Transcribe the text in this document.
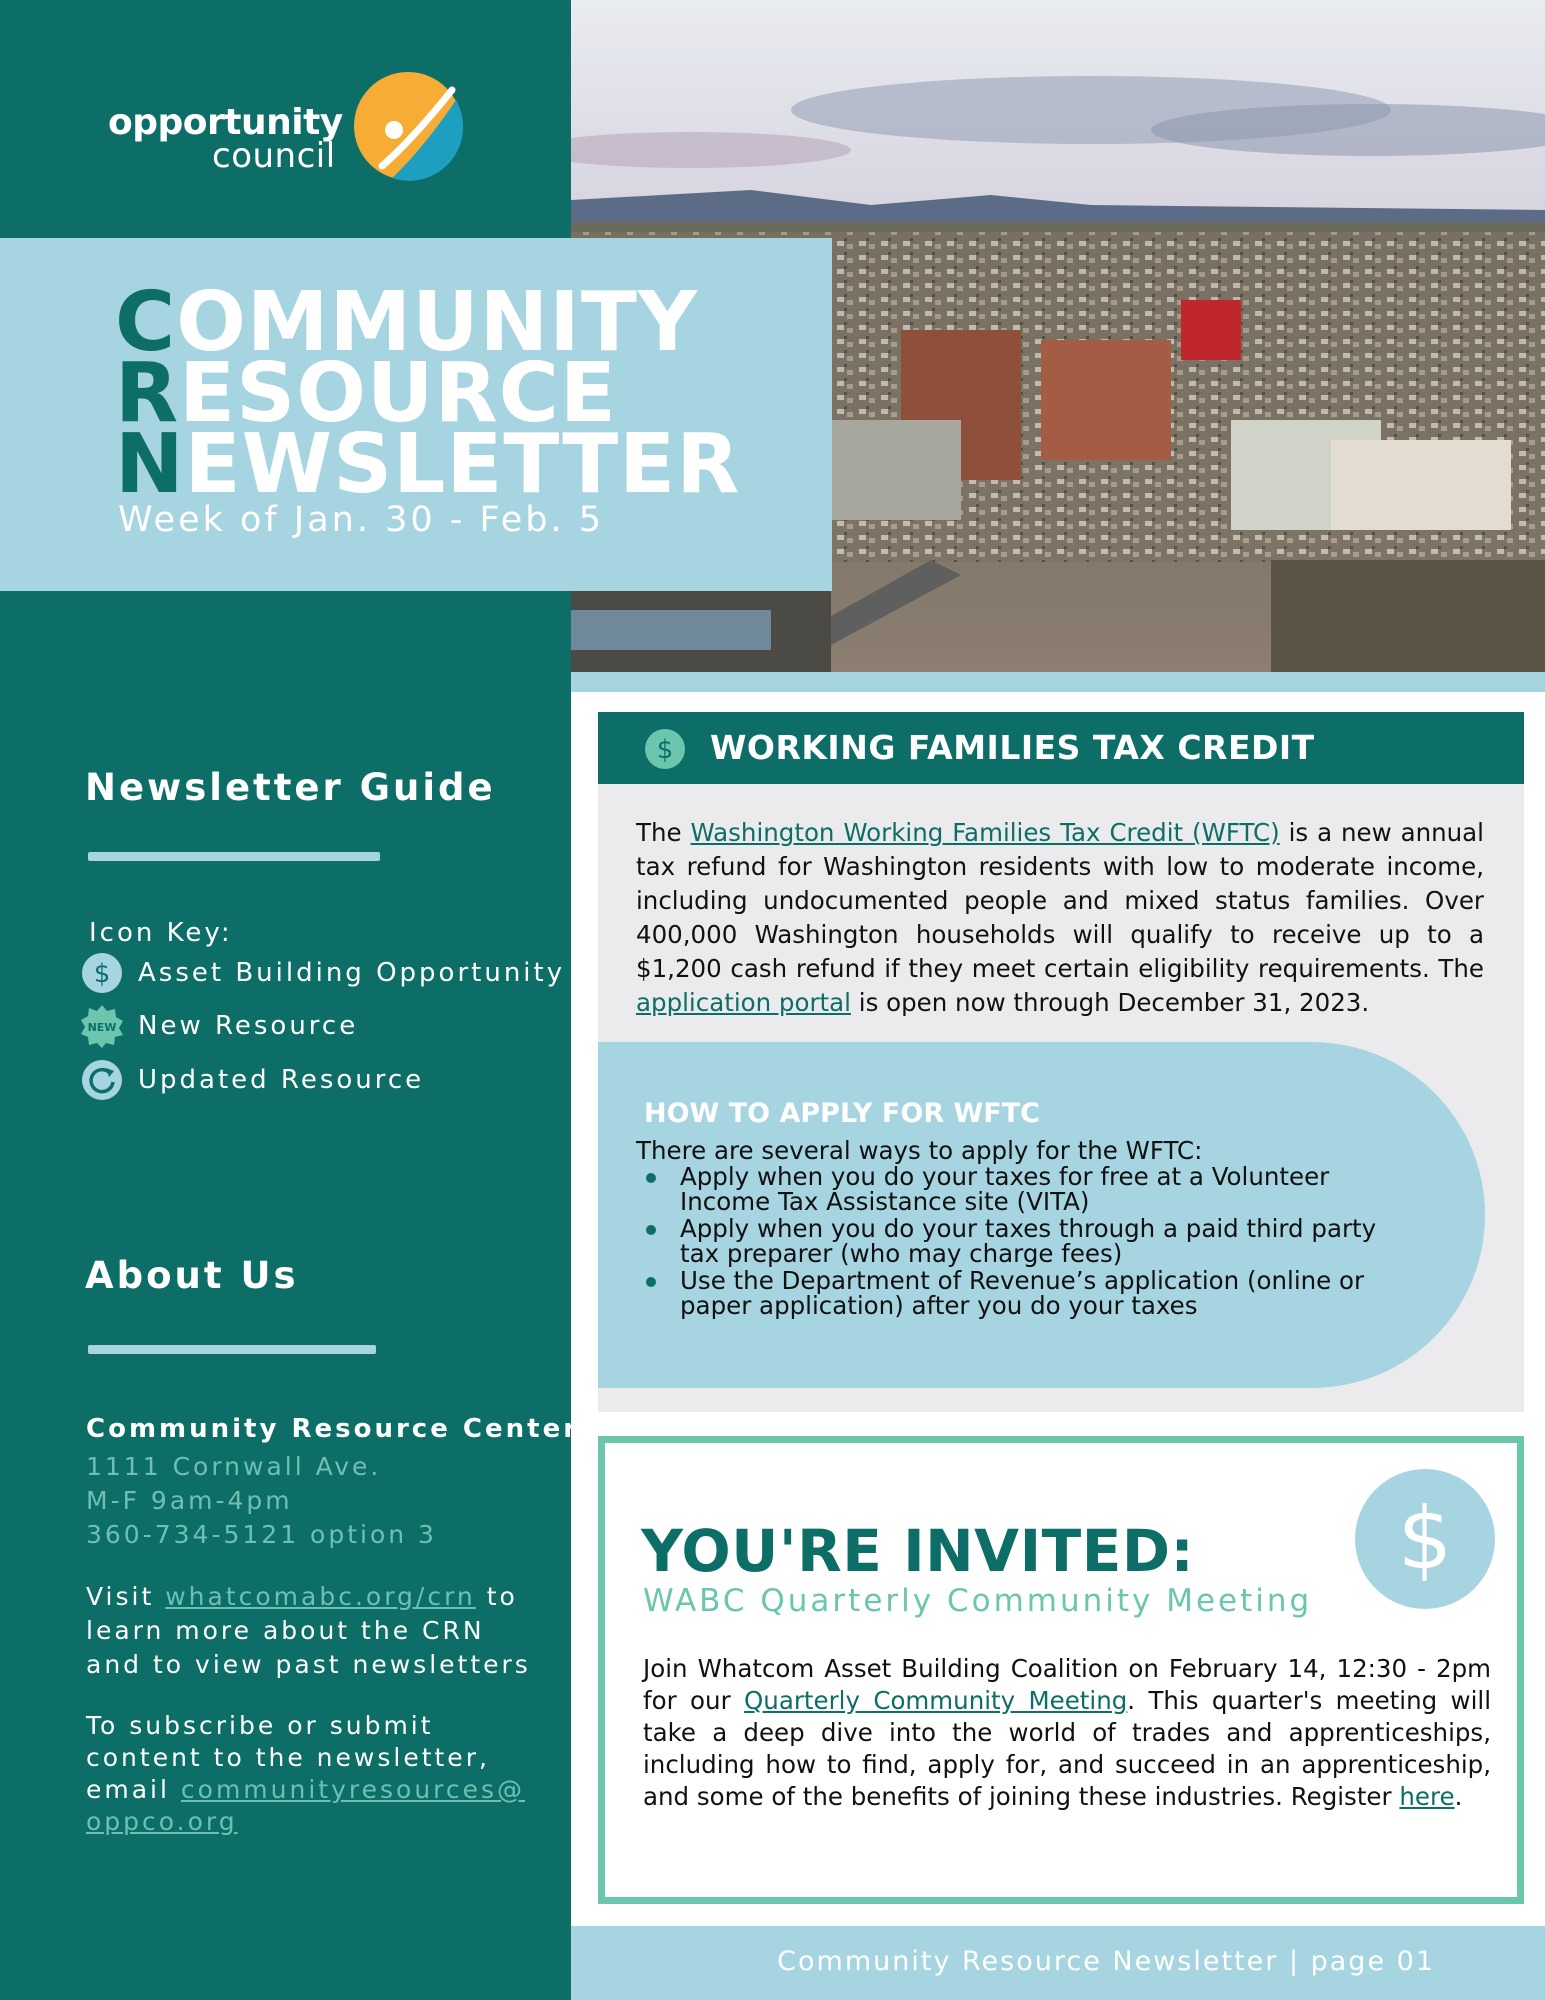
opportunity
council
COMMUNITY
RESOURCE
NEWSLETTER
Week of Jan. 30 - Feb. 5
Newsletter Guide
Icon Key:
$ Asset Building Opportunity
NEW New Resource
Updated Resource
About Us
Community Resource Center
1111 Cornwall Ave.
M-F 9am-4pm
360-734-5121 option 3
Visit whatcomabc.org/crn to
learn more about the CRN
and to view past newsletters
To subscribe or submit
content to the newsletter,
email communityresources@
oppco.org
$ WORKING FAMILIES TAX CREDIT

The Washington Working Families Tax Credit (WFTC) is a new annual tax refund for Washington residents with low to moderate income, including undocumented people and mixed status families. Over 400,000 Washington households will qualify to receive up to a $1,200 cash refund if they meet certain eligibility requirements. The application portal is open now through December 31, 2023.

HOW TO APPLY FOR WFTC
There are several ways to apply for the WFTC:
Apply when you do your taxes for free at a Volunteer Income Tax Assistance site (VITA)
Apply when you do your taxes through a paid third party tax preparer (who may charge fees)
Use the Department of Revenue’s application (online or paper application) after you do your taxes
YOU'RE INVITED:
WABC Quarterly Community Meeting
$

Join Whatcom Asset Building Coalition on February 14, 12:30 - 2pm for our Quarterly Community Meeting. This quarter's meeting will take a deep dive into the world of trades and apprenticeships, including how to find, apply for, and succeed in an apprenticeship, and some of the benefits of joining these industries. Register here.

Community Resource Newsletter | page 01
